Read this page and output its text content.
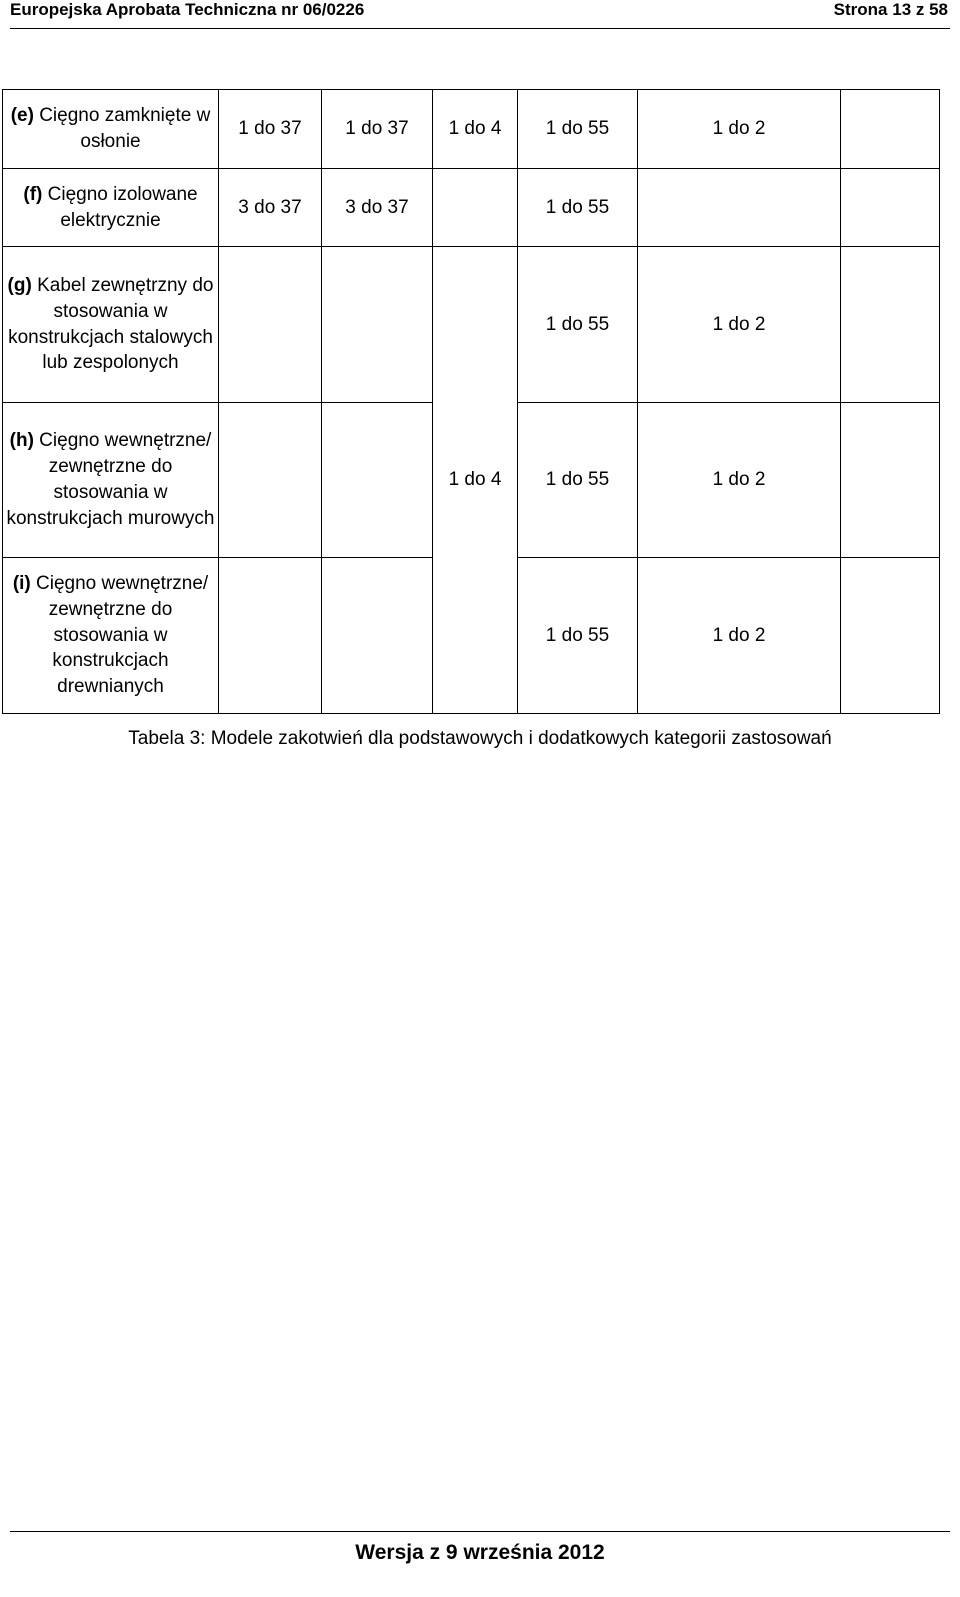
Europejska Aprobata Techniczna nr 06/0226	Strona 13 z 58
(e) Cięgno zamknięte w osłonie	1 do 37	1 do 37	1 do 4	1 do 55	1 do 2	
(f) Cięgno izolowane elektrycznie	3 do 37	3 do 37		1 do 55		
(g) Kabel zewnętrzny do stosowania w konstrukcjach stalowych lub zespolonych			1 do 4	1 do 55	1 do 2	
(h) Cięgno wewnętrzne/ zewnętrzne do stosowania w konstrukcjach murowych				1 do 55	1 do 2	
(i) Cięgno wewnętrzne/ zewnętrzne do stosowania w konstrukcjach drewnianych				1 do 55	1 do 2	
Tabela 3: Modele zakotwień dla podstawowych i dodatkowych kategorii zastosowań
Wersja z 9 września 2012
